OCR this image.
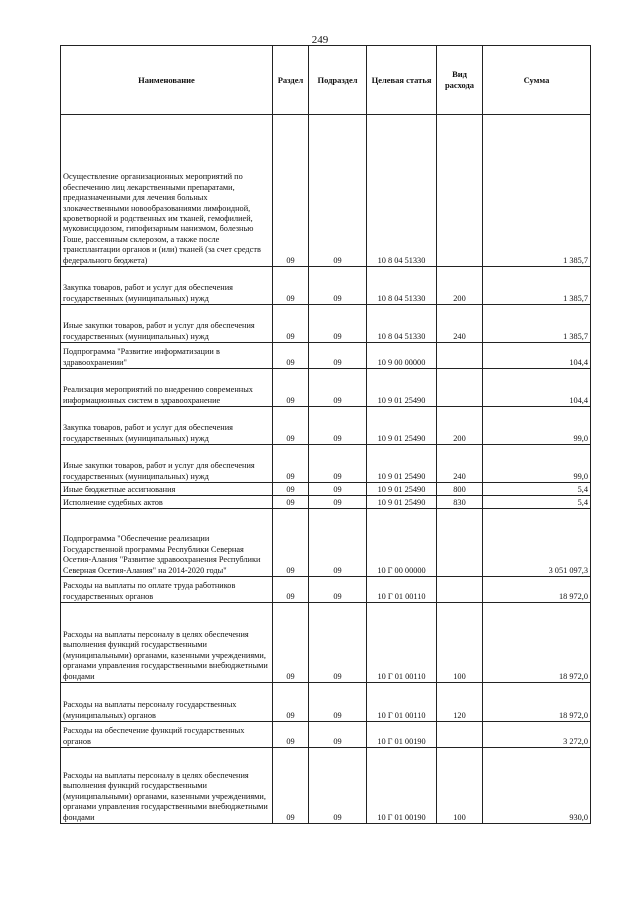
249
Наименование	Раздел	Подраздел	Целевая статья	Вид расхода	Сумма
Осуществление организационных мероприятий по обеспечению лиц лекарственными препаратами, предназначенными для лечения больных злокачественными новообразованиями лимфоидной, кроветворной и родственных им тканей, гемофилией, муковисцидозом, гипофизарным нанизмом, болезнью Гоше, рассеянным склерозом, а также после трансплантации органов и (или) тканей (за счет средств федерального бюджета)	09	09	10 8 04 51330		1 385,7
Закупка товаров, работ и услуг для обеспечения государственных (муниципальных) нужд	09	09	10 8 04 51330	200	1 385,7
Иные закупки товаров, работ и услуг для обеспечения государственных (муниципальных) нужд	09	09	10 8 04 51330	240	1 385,7
Подпрограмма "Развитие информатизации в здравоохранении"	09	09	10 9 00 00000		104,4
Реализация мероприятий по внедрению современных информационных систем в здравоохранение	09	09	10 9 01 25490		104,4
Закупка товаров, работ и услуг для обеспечения государственных (муниципальных) нужд	09	09	10 9 01 25490	200	99,0
Иные закупки товаров, работ и услуг для обеспечения государственных (муниципальных) нужд	09	09	10 9 01 25490	240	99,0
Иные бюджетные ассигнования	09	09	10 9 01 25490	800	5,4
Исполнение судебных актов	09	09	10 9 01 25490	830	5,4
Подпрограмма "Обеспечение реализации Государственной программы Республики Северная Осетия-Алания "Развитие здравоохранения Республики Северная Осетия-Алания" на 2014-2020 годы"	09	09	10 Г 00 00000		3 051 097,3
Расходы на выплаты по оплате труда работников государственных органов	09	09	10 Г 01 00110		18 972,0
Расходы на выплаты персоналу в целях обеспечения выполнения функций государственными (муниципальными) органами, казенными учреждениями, органами управления государственными внебюджетными фондами	09	09	10 Г 01 00110	100	18 972,0
Расходы на выплаты персоналу государственных (муниципальных) органов	09	09	10 Г 01 00110	120	18 972,0
Расходы на обеспечение функций государственных органов	09	09	10 Г 01 00190		3 272,0
Расходы на выплаты персоналу в целях обеспечения выполнения функций государственными (муниципальными) органами, казенными учреждениями, органами управления государственными внебюджетными фондами	09	09	10 Г 01 00190	100	930,0
